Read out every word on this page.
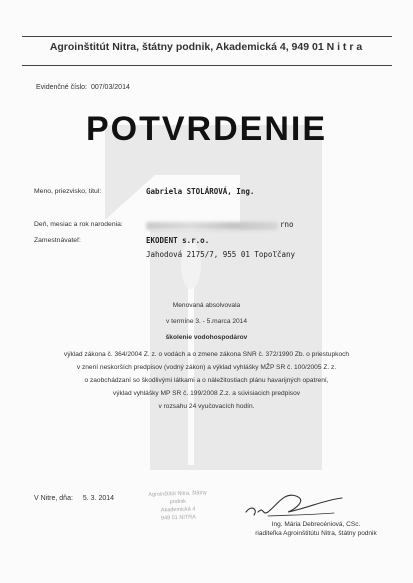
Agroinštitút Nitra, štátny podnik, Akademická 4, 949 01 N i t r a
Evidenčné číslo: 007/03/2014
POTVRDENIE
Meno, priezvisko, titul:	Gabriela STOLÁROVÁ, Ing.
Deň, mesiac a rok narodenia:	rno
Zamestnávateľ:	EKODENT s.r.o.
Jahodová 2175/7, 955 01 Topoľčany
Menovaná absolvovala
v termíne 3. - 5.marca 2014
školenie vodohospodárov
výklad zákona č. 364/2004 Z. z. o vodách a o zmene zákona SNR č. 372/1990 Zb. o priestupkoch
v znení neskorších predpisov (vodný zákon) a výklad vyhlášky MŽP SR č. 100/2005 Z. z.
o zaobchádzaní so škodlivými látkami a o náležitostiach plánu havarijných opatrení,
výklad vyhlášky MP SR č. 199/2008 Z.z. a súvisiacich predpisov
v rozsahu 24 vyučovacích hodín.
V Nitre, dňa: 5. 3. 2014
Agroinštitút Nitra, štátny podnik
Akademická 4
949 01 NITRA
Ing. Mária Debrecéniová, CSc.
riaditeľka Agroinštitútu Nitra, štátny podnik
